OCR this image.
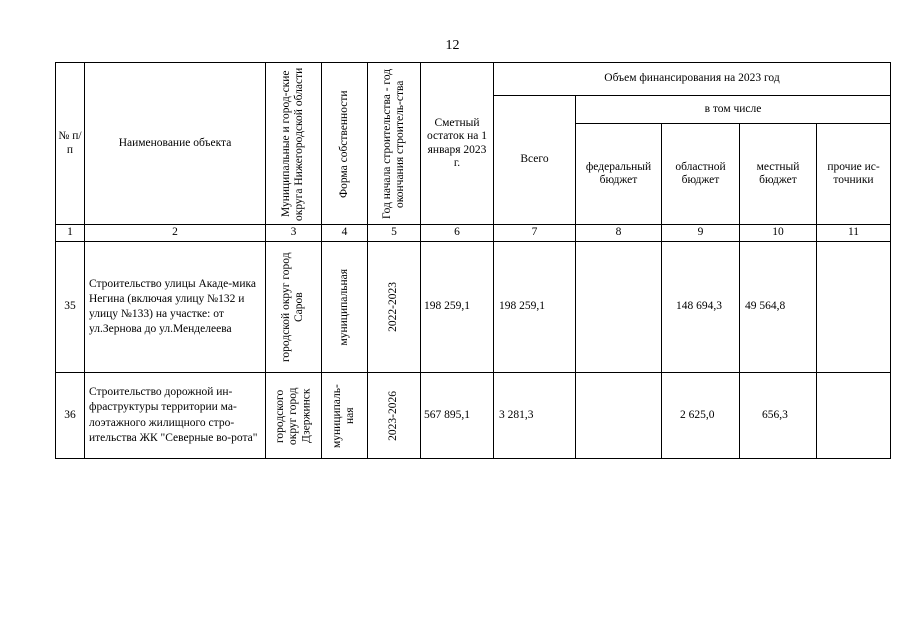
12
№ п/п	Наименование объекта	Муниципальные и город-ские округа Нижегородской области	Форма собственности	Год начала строительства - год окончания строитель-ства	Сметный остаток на 1 января 2023 г.	Объем финансирования на 2023 год				
						Всего	в том числе			
							федеральный бюджет	областной бюджет	местный бюджет	прочие ис-точники
1	2	3	4	5	6	7	8	9	10	11
35	Строительство улицы Акаде-мика Негина (включая улицу №132 и улицу №133) на участке: от ул.Зернова до ул.Менделеева	городской округ город Саров	муниципальная	2022-2023	198 259,1	198 259,1		148 694,3	49 564,8	
36	Строительство дорожной ин-фраструктуры территории ма-лоэтажного жилищного стро-ительства ЖК "Северные во-рота"	городского округ город Дзержинск	муниципаль-ная	2023-2026	567 895,1	3 281,3		2 625,0	656,3	
